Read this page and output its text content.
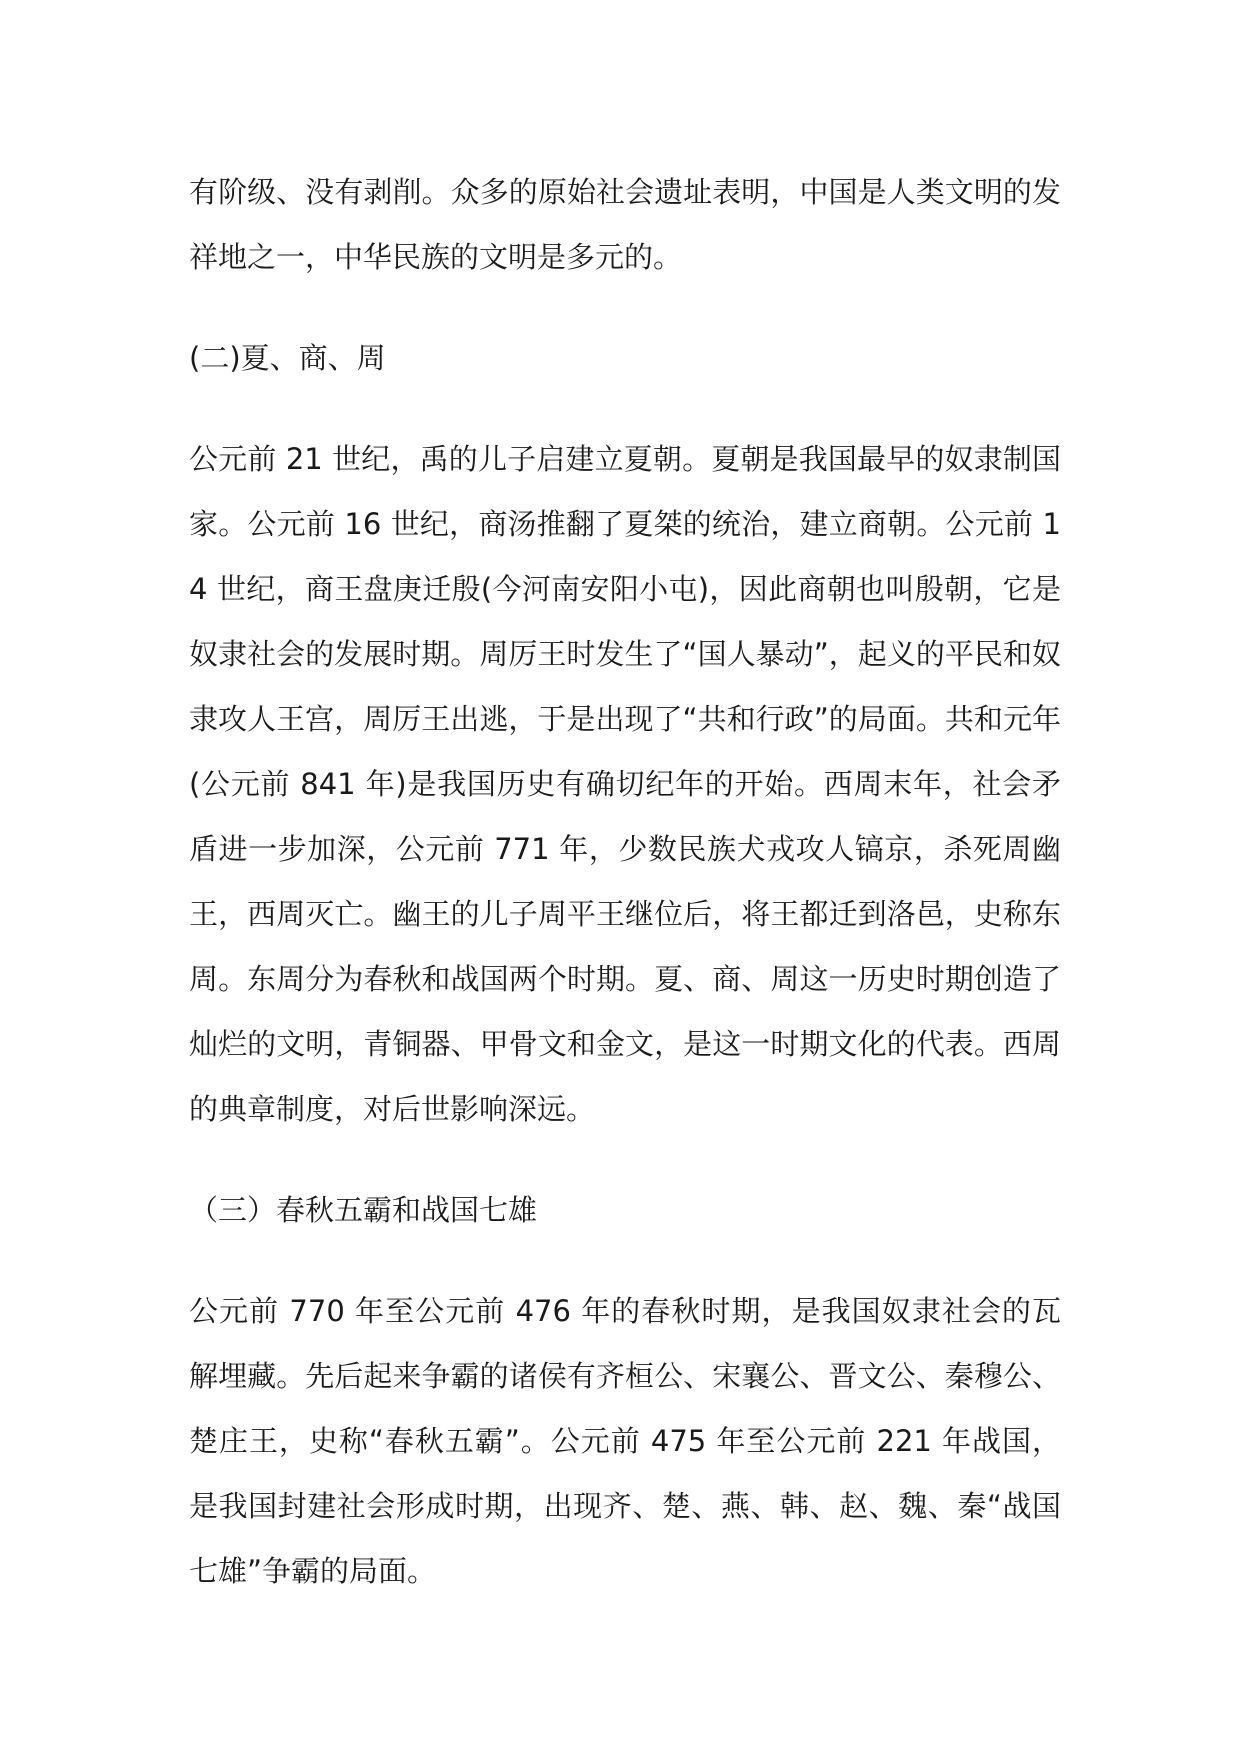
有阶级、没有剥削。众多的原始社会遗址表明，中国是人类文明的发祥地之一，中华民族的文明是多元的。

(二)夏、商、周

公元前 21 世纪，禹的儿子启建立夏朝。夏朝是我国最早的奴隶制国家。公元前 16 世纪，商汤推翻了夏桀的统治，建立商朝。公元前 14 世纪，商王盘庚迁殷(今河南安阳小屯)，因此商朝也叫殷朝，它是奴隶社会的发展时期。周厉王时发生了“国人暴动”，起义的平民和奴隶攻人王宫，周厉王出逃，于是出现了“共和行政”的局面。共和元年(公元前 841 年)是我国历史有确切纪年的开始。西周末年，社会矛盾进一步加深，公元前 771 年，少数民族犬戎攻人镐京，杀死周幽王，西周灭亡。幽王的儿子周平王继位后，将王都迁到洛邑，史称东周。东周分为春秋和战国两个时期。夏、商、周这一历史时期创造了灿烂的文明，青铜器、甲骨文和金文，是这一时期文化的代表。西周的典章制度，对后世影响深远。

（三）春秋五霸和战国七雄

公元前 770 年至公元前 476 年的春秋时期，是我国奴隶社会的瓦解埋藏。先后起来争霸的诸侯有齐桓公、宋襄公、晋文公、秦穆公、楚庄王，史称“春秋五霸”。公元前 475 年至公元前 221 年战国，是我国封建社会形成时期，出现齐、楚、燕、韩、赵、魏、秦“战国七雄”争霸的局面。
